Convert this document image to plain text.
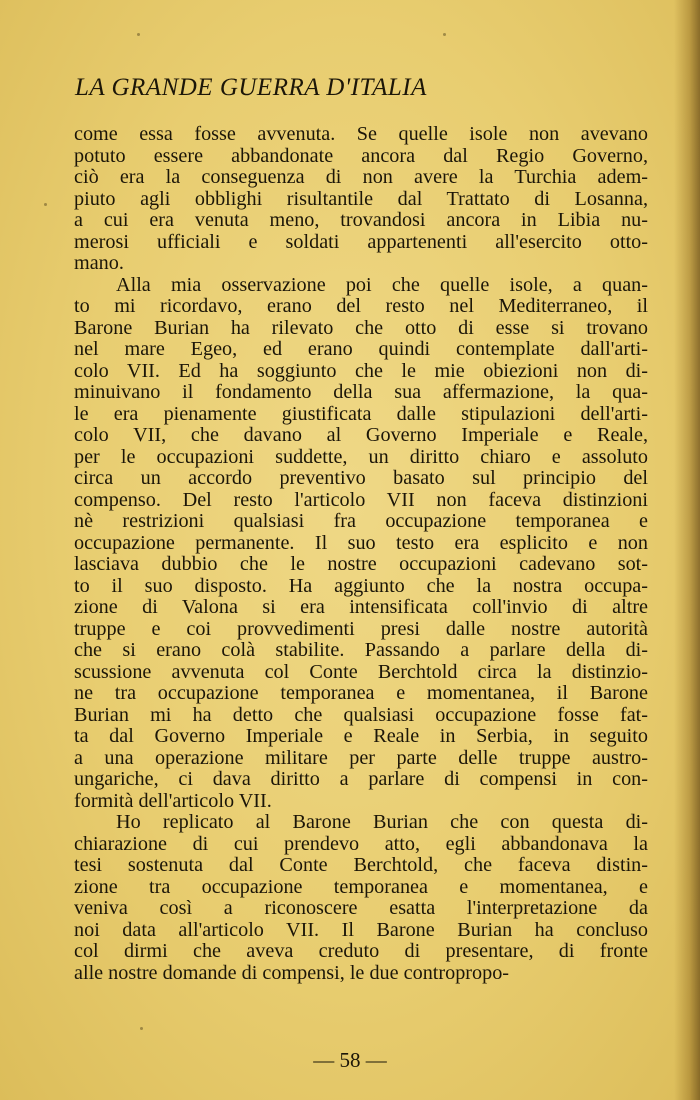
LA GRANDE GUERRA D'ITALIA
come essa fosse avvenuta. Se quelle isole non avevano
potuto essere abbandonate ancora dal Regio Governo,
ciò era la conseguenza di non avere la Turchia adem-
piuto agli obblighi risultantile dal Trattato di Losanna,
a cui era venuta meno, trovandosi ancora in Libia nu-
merosi ufficiali e soldati appartenenti all'esercito otto-
mano.
Alla mia osservazione poi che quelle isole, a quan-
to mi ricordavo, erano del resto nel Mediterraneo, il
Barone Burian ha rilevato che otto di esse si trovano
nel mare Egeo, ed erano quindi contemplate dall'arti-
colo VII. Ed ha soggiunto che le mie obiezioni non di-
minuivano il fondamento della sua affermazione, la qua-
le era pienamente giustificata dalle stipulazioni dell'arti-
colo VII, che davano al Governo Imperiale e Reale,
per le occupazioni suddette, un diritto chiaro e assoluto
circa un accordo preventivo basato sul principio del
compenso. Del resto l'articolo VII non faceva distinzioni
nè restrizioni qualsiasi fra occupazione temporanea e
occupazione permanente. Il suo testo era esplicito e non
lasciava dubbio che le nostre occupazioni cadevano sot-
to il suo disposto. Ha aggiunto che la nostra occupa-
zione di Valona si era intensificata coll'invio di altre
truppe e coi provvedimenti presi dalle nostre autorità
che si erano colà stabilite. Passando a parlare della di-
scussione avvenuta col Conte Berchtold circa la distinzio-
ne tra occupazione temporanea e momentanea, il Barone
Burian mi ha detto che qualsiasi occupazione fosse fat-
ta dal Governo Imperiale e Reale in Serbia, in seguito
a una operazione militare per parte delle truppe austro-
ungariche, ci dava diritto a parlare di compensi in con-
formità dell'articolo VII.
Ho replicato al Barone Burian che con questa di-
chiarazione di cui prendevo atto, egli abbandonava la
tesi sostenuta dal Conte Berchtold, che faceva distin-
zione tra occupazione temporanea e momentanea, e
veniva così a riconoscere esatta l'interpretazione da
noi data all'articolo VII. Il Barone Burian ha concluso
col dirmi che aveva creduto di presentare, di fronte
alle nostre domande di compensi, le due contropropo-
— 58 —
